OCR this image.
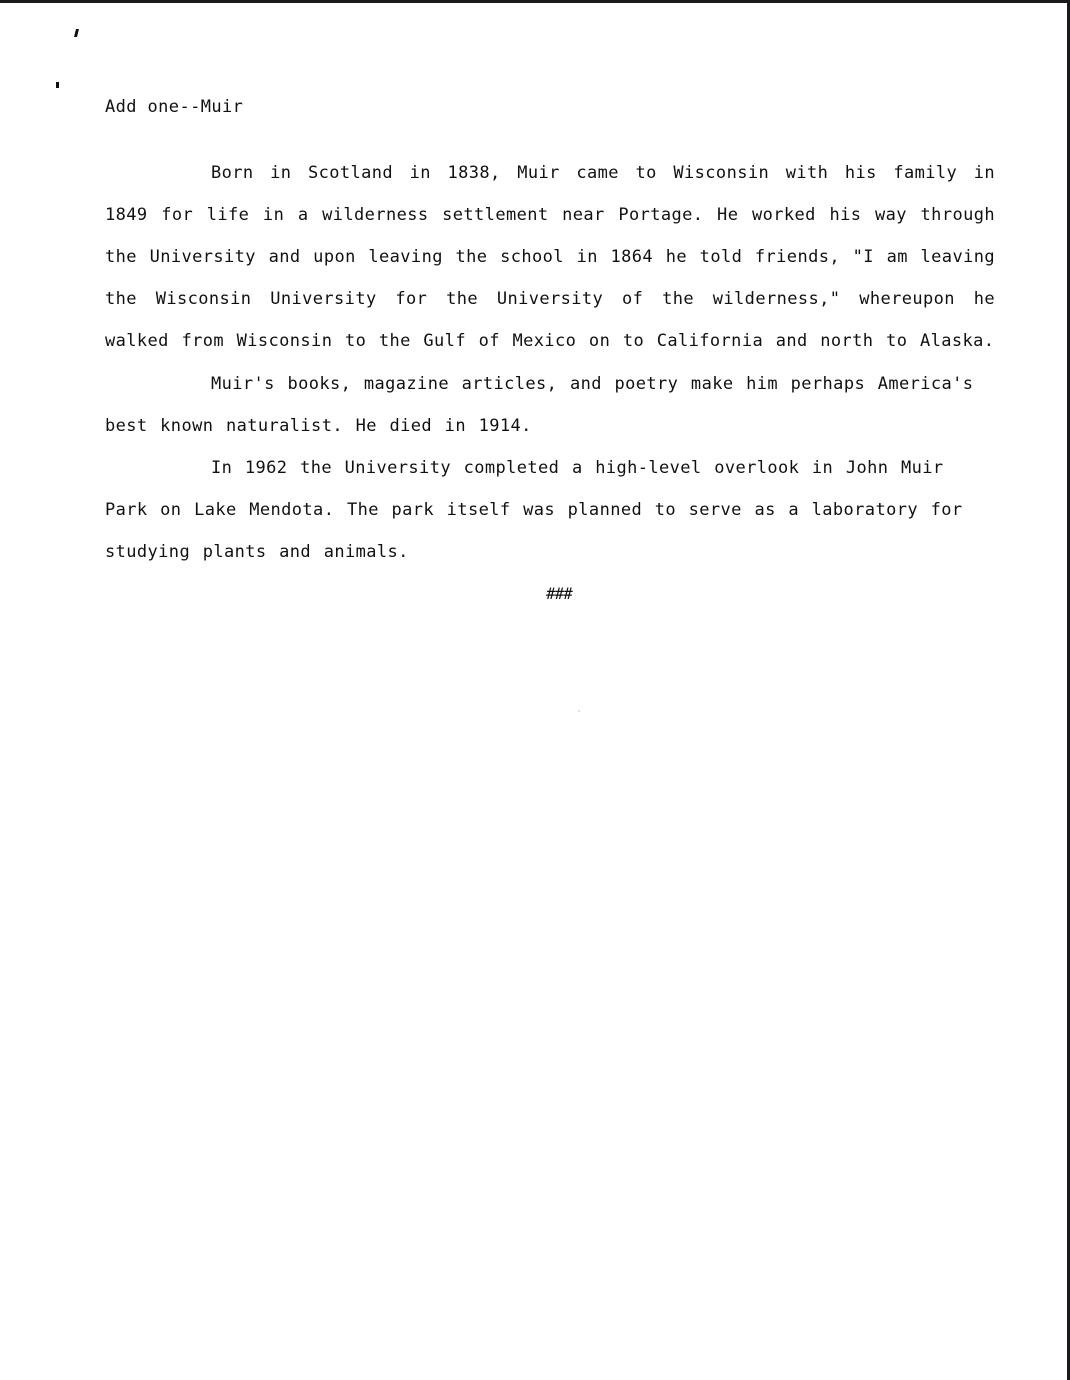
Add one--Muir

Born in Scotland in 1838, Muir came to Wisconsin with his family in 1849 for life in a wilderness settlement near Portage. He worked his way through the University and upon leaving the school in 1864 he told friends, "I am leaving the Wisconsin University for the University of the wilderness," whereupon he walked from Wisconsin to the Gulf of Mexico on to California and north to Alaska.

Muir's books, magazine articles, and poetry make him perhaps America's best known naturalist. He died in 1914.

In 1962 the University completed a high-level overlook in John Muir Park on Lake Mendota. The park itself was planned to serve as a laboratory for studying plants and animals.

###
